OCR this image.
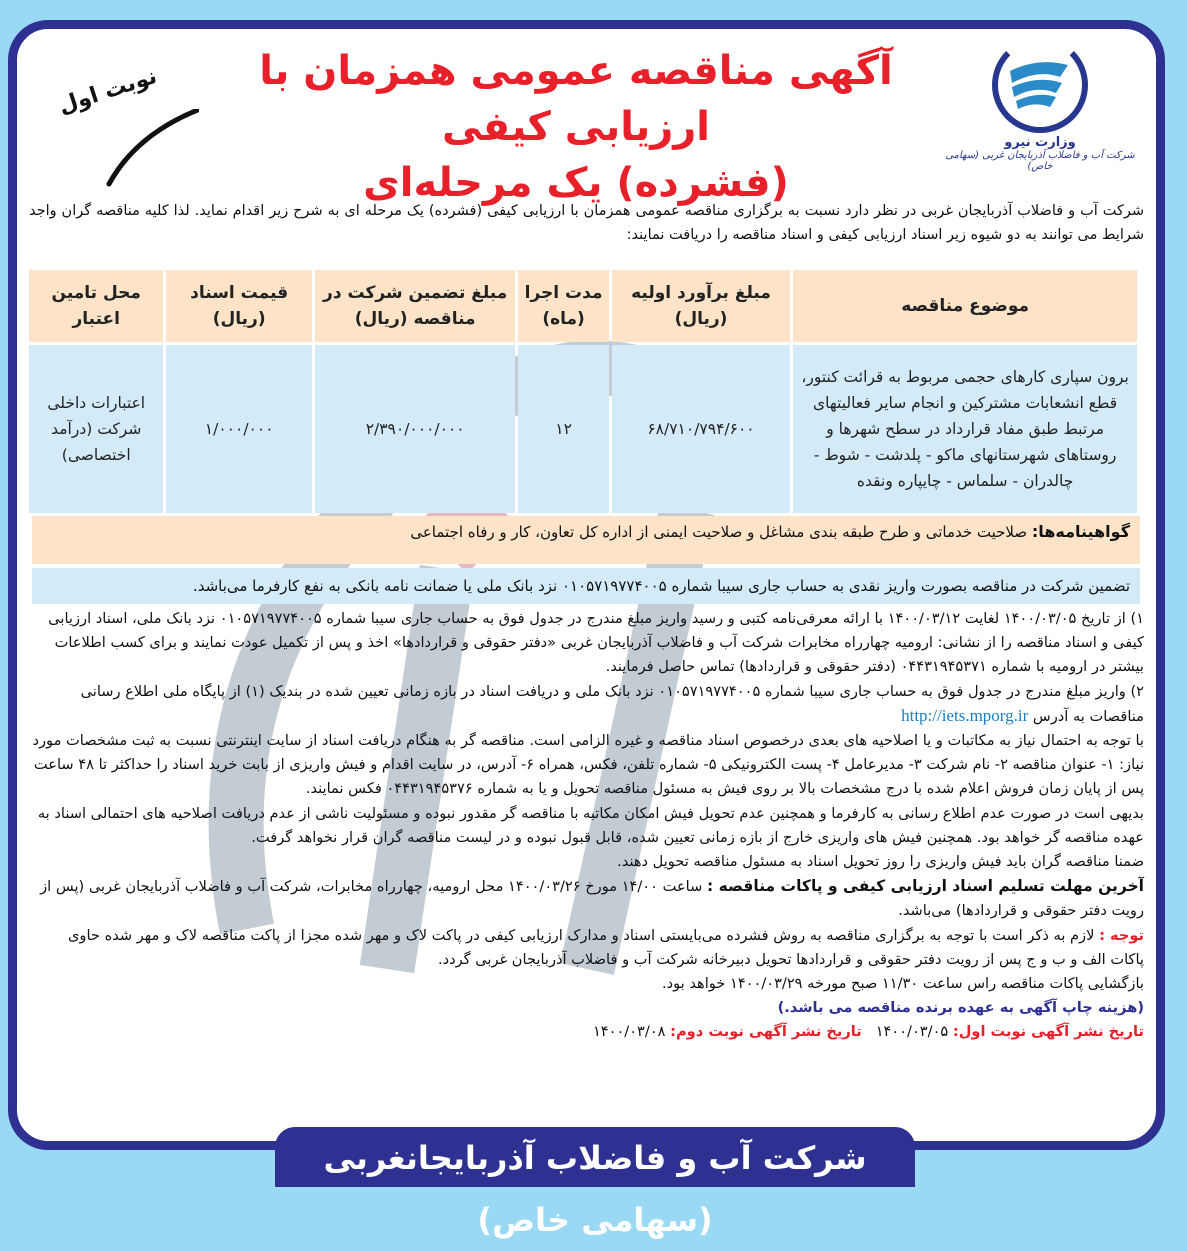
وزارت نیرو
شرکت آب و فاضلاب آذربایجان غربی (سهامی خاص)
آگهی مناقصه عمومی همزمان با ارزیابی کیفی
(فشرده) یک مرحله‌ای
نوبت اول
شرکت آب و فاضلاب آذربایجان غربی در نظر دارد نسبت به برگزاری مناقصه عمومی همزمان با ارزیابی کیفی (فشرده) یک مرحله ای به شرح زیر اقدام نماید. لذا کلیه مناقصه گران واجد شرایط می توانند به دو شیوه زیر اسناد ارزیابی کیفی و اسناد مناقصه را دریافت نمایند:
موضوع مناقصه	مبلغ برآورد اولیه (ریال)	مدت اجرا (ماه)	مبلغ تضمین شرکت در مناقصه (ریال)	قیمت اسناد (ریال)	محل تامین اعتبار
برون سپاری کارهای حجمی مربوط به قرائت کنتور، قطع انشعابات مشترکین و انجام سایر فعالیتهای مرتبط طبق مفاد قرارداد در سطح شهرها و روستاهای شهرستانهای ماکو - پلدشت - شوط - چالدران - سلماس - چایپاره ونقده	۶۸/۷۱۰/۷۹۴/۶۰۰	۱۲	۲/۳۹۰/۰۰۰/۰۰۰	۱/۰۰۰/۰۰۰	اعتبارات داخلی شرکت (درآمد اختصاصی)
گواهینامه‌ها: صلاحیت خدماتی و طرح طبقه بندی مشاغل و صلاحیت ایمنی از اداره کل تعاون، کار و رفاه اجتماعی
تضمین شرکت در مناقصه بصورت واریز نقدی به حساب جاری سیبا شماره ۰۱۰۵۷۱۹۷۷۴۰۰۵ نزد بانک ملی یا ضمانت نامه بانکی به نفع کارفرما می‌باشد.

۱) از تاریخ ۱۴۰۰/۰۳/۰۵ لغایت ۱۴۰۰/۰۳/۱۲ با ارائه معرفی‌نامه کتبی و رسید واریز مبلغ مندرج در جدول فوق به حساب جاری سیبا شماره ۰۱۰۵۷۱۹۷۷۴۰۰۵ نزد بانک ملی، اسناد ارزیابی کیفی و اسناد مناقصه را از نشانی: ارومیه چهارراه مخابرات شرکت آب و فاضلاب آذربایجان غربی «دفتر حقوقی و قراردادها» اخذ و پس از تکمیل عودت نمایند و برای کسب اطلاعات بیشتر در ارومیه با شماره ۰۴۴۳۱۹۴۵۳۷۱ (دفتر حقوقی و قراردادها) تماس حاصل فرمایند.

۲) واریز مبلغ مندرج در جدول فوق به حساب جاری سیبا شماره ۰۱۰۵۷۱۹۷۷۴۰۰۵ نزد بانک ملی و دریافت اسناد در بازه زمانی تعیین شده در بندیک (۱) از پایگاه ملی اطلاع رسانی مناقصات به آدرس http://iets.mporg.ir

با توجه به احتمال نیاز به مکاتبات و یا اصلاحیه های بعدی درخصوص اسناد مناقصه و غیره الزامی است. مناقصه گر به هنگام دریافت اسناد از سایت اینترنتی نسبت به ثبت مشخصات مورد نیاز: ۱- عنوان مناقصه ۲- نام شرکت ۳- مدیرعامل ۴- پست الکترونیکی ۵- شماره تلفن، فکس، همراه ۶- آدرس، در سایت اقدام و فیش واریزی از بابت خرید اسناد را حداکثر تا ۴۸ ساعت پس از پایان زمان فروش اعلام شده با درج مشخصات بالا بر روی فیش به مسئول مناقصه تحویل و یا به شماره ۰۴۴۳۱۹۴۵۳۷۶ فکس نمایند.

بدیهی است در صورت عدم اطلاع رسانی به کارفرما و همچنین عدم تحویل فیش امکان مکاتبه با مناقصه گر مقدور نبوده و مسئولیت ناشی از عدم دریافت اصلاحیه های احتمالی اسناد به عهده مناقصه گر خواهد بود. همچنین فیش های واریزی خارج از بازه زمانی تعیین شده، قابل قبول نبوده و در لیست مناقصه گران قرار نخواهد گرفت.

ضمنا مناقصه گران باید فیش واریزی را روز تحویل اسناد به مسئول مناقصه تحویل دهند.

آخرین مهلت تسلیم اسناد ارزیابی کیفی و پاکات مناقصه : ساعت ۱۴/۰۰ مورخ ۱۴۰۰/۰۳/۲۶ محل ارومیه، چهارراه مخابرات، شرکت آب و فاضلاب آذربایجان غربی (پس از رویت دفتر حقوقی و قراردادها) می‌باشد.

توجه : لازم به ذکر است با توجه به برگزاری مناقصه به روش فشرده می‌بایستی اسناد و مدارک ارزیابی کیفی در پاکت لاک و مهر شده مجزا از پاکت مناقصه لاک و مهر شده حاوی پاکات الف و ب و ج پس از رویت دفتر حقوقی و قراردادها تحویل دبیرخانه شرکت آب و فاضلاب آذربایجان غربی گردد.

بازگشایی پاکات مناقصه راس ساعت ۱۱/۳۰ صبح مورخه ۱۴۰۰/۰۳/۲۹ خواهد بود.

(هزینه چاپ آگهی به عهده برنده مناقصه می باشد.)

تاریخ نشر آگهی نوبت اول: ۱۴۰۰/۰۳/۰۵   تاریخ نشر آگهی نوبت دوم: ۱۴۰۰/۰۳/۰۸

شرکت آب و فاضلاب آذربایجانغربی (سهامی خاص)
